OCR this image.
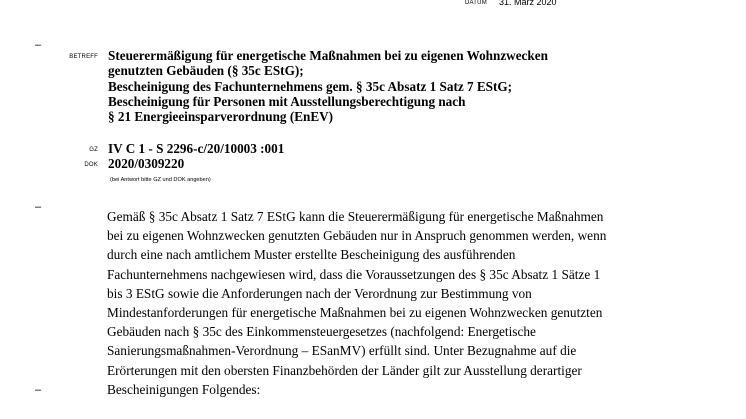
DATUM 31. März 2020
–
–
–
BETREFF Steuerermäßigung für energetische Maßnahmen bei zu eigenen Wohnzwecken
genutzten Gebäuden (§ 35c EStG);
Bescheinigung des Fachunternehmens gem. § 35c Absatz 1 Satz 7 EStG;
Bescheinigung für Personen mit Ausstellungsberechtigung nach
§ 21 Energieeinsparverordnung (EnEV)
GZ IV C 1 - S 2296-c/20/10003 :001
DOK 2020/0309220
(bei Antwort bitte GZ und DOK angeben)
Gemäß § 35c Absatz 1 Satz 7 EStG kann die Steuerermäßigung für energetische Maßnahmen
bei zu eigenen Wohnzwecken genutzten Gebäuden nur in Anspruch genommen werden, wenn
durch eine nach amtlichem Muster erstellte Bescheinigung des ausführenden
Fachunternehmens nachgewiesen wird, dass die Voraussetzungen des § 35c Absatz 1 Sätze 1
bis 3 EStG sowie die Anforderungen nach der Verordnung zur Bestimmung von
Mindestanforderungen für energetische Maßnahmen bei zu eigenen Wohnzwecken genutzten
Gebäuden nach § 35c des Einkommensteuergesetzes (nachfolgend: Energetische
Sanierungsmaßnahmen-Verordnung – ESanMV) erfüllt sind. Unter Bezugnahme auf die
Erörterungen mit den obersten Finanzbehörden der Länder gilt zur Ausstellung derartiger
Bescheinigungen Folgendes:
